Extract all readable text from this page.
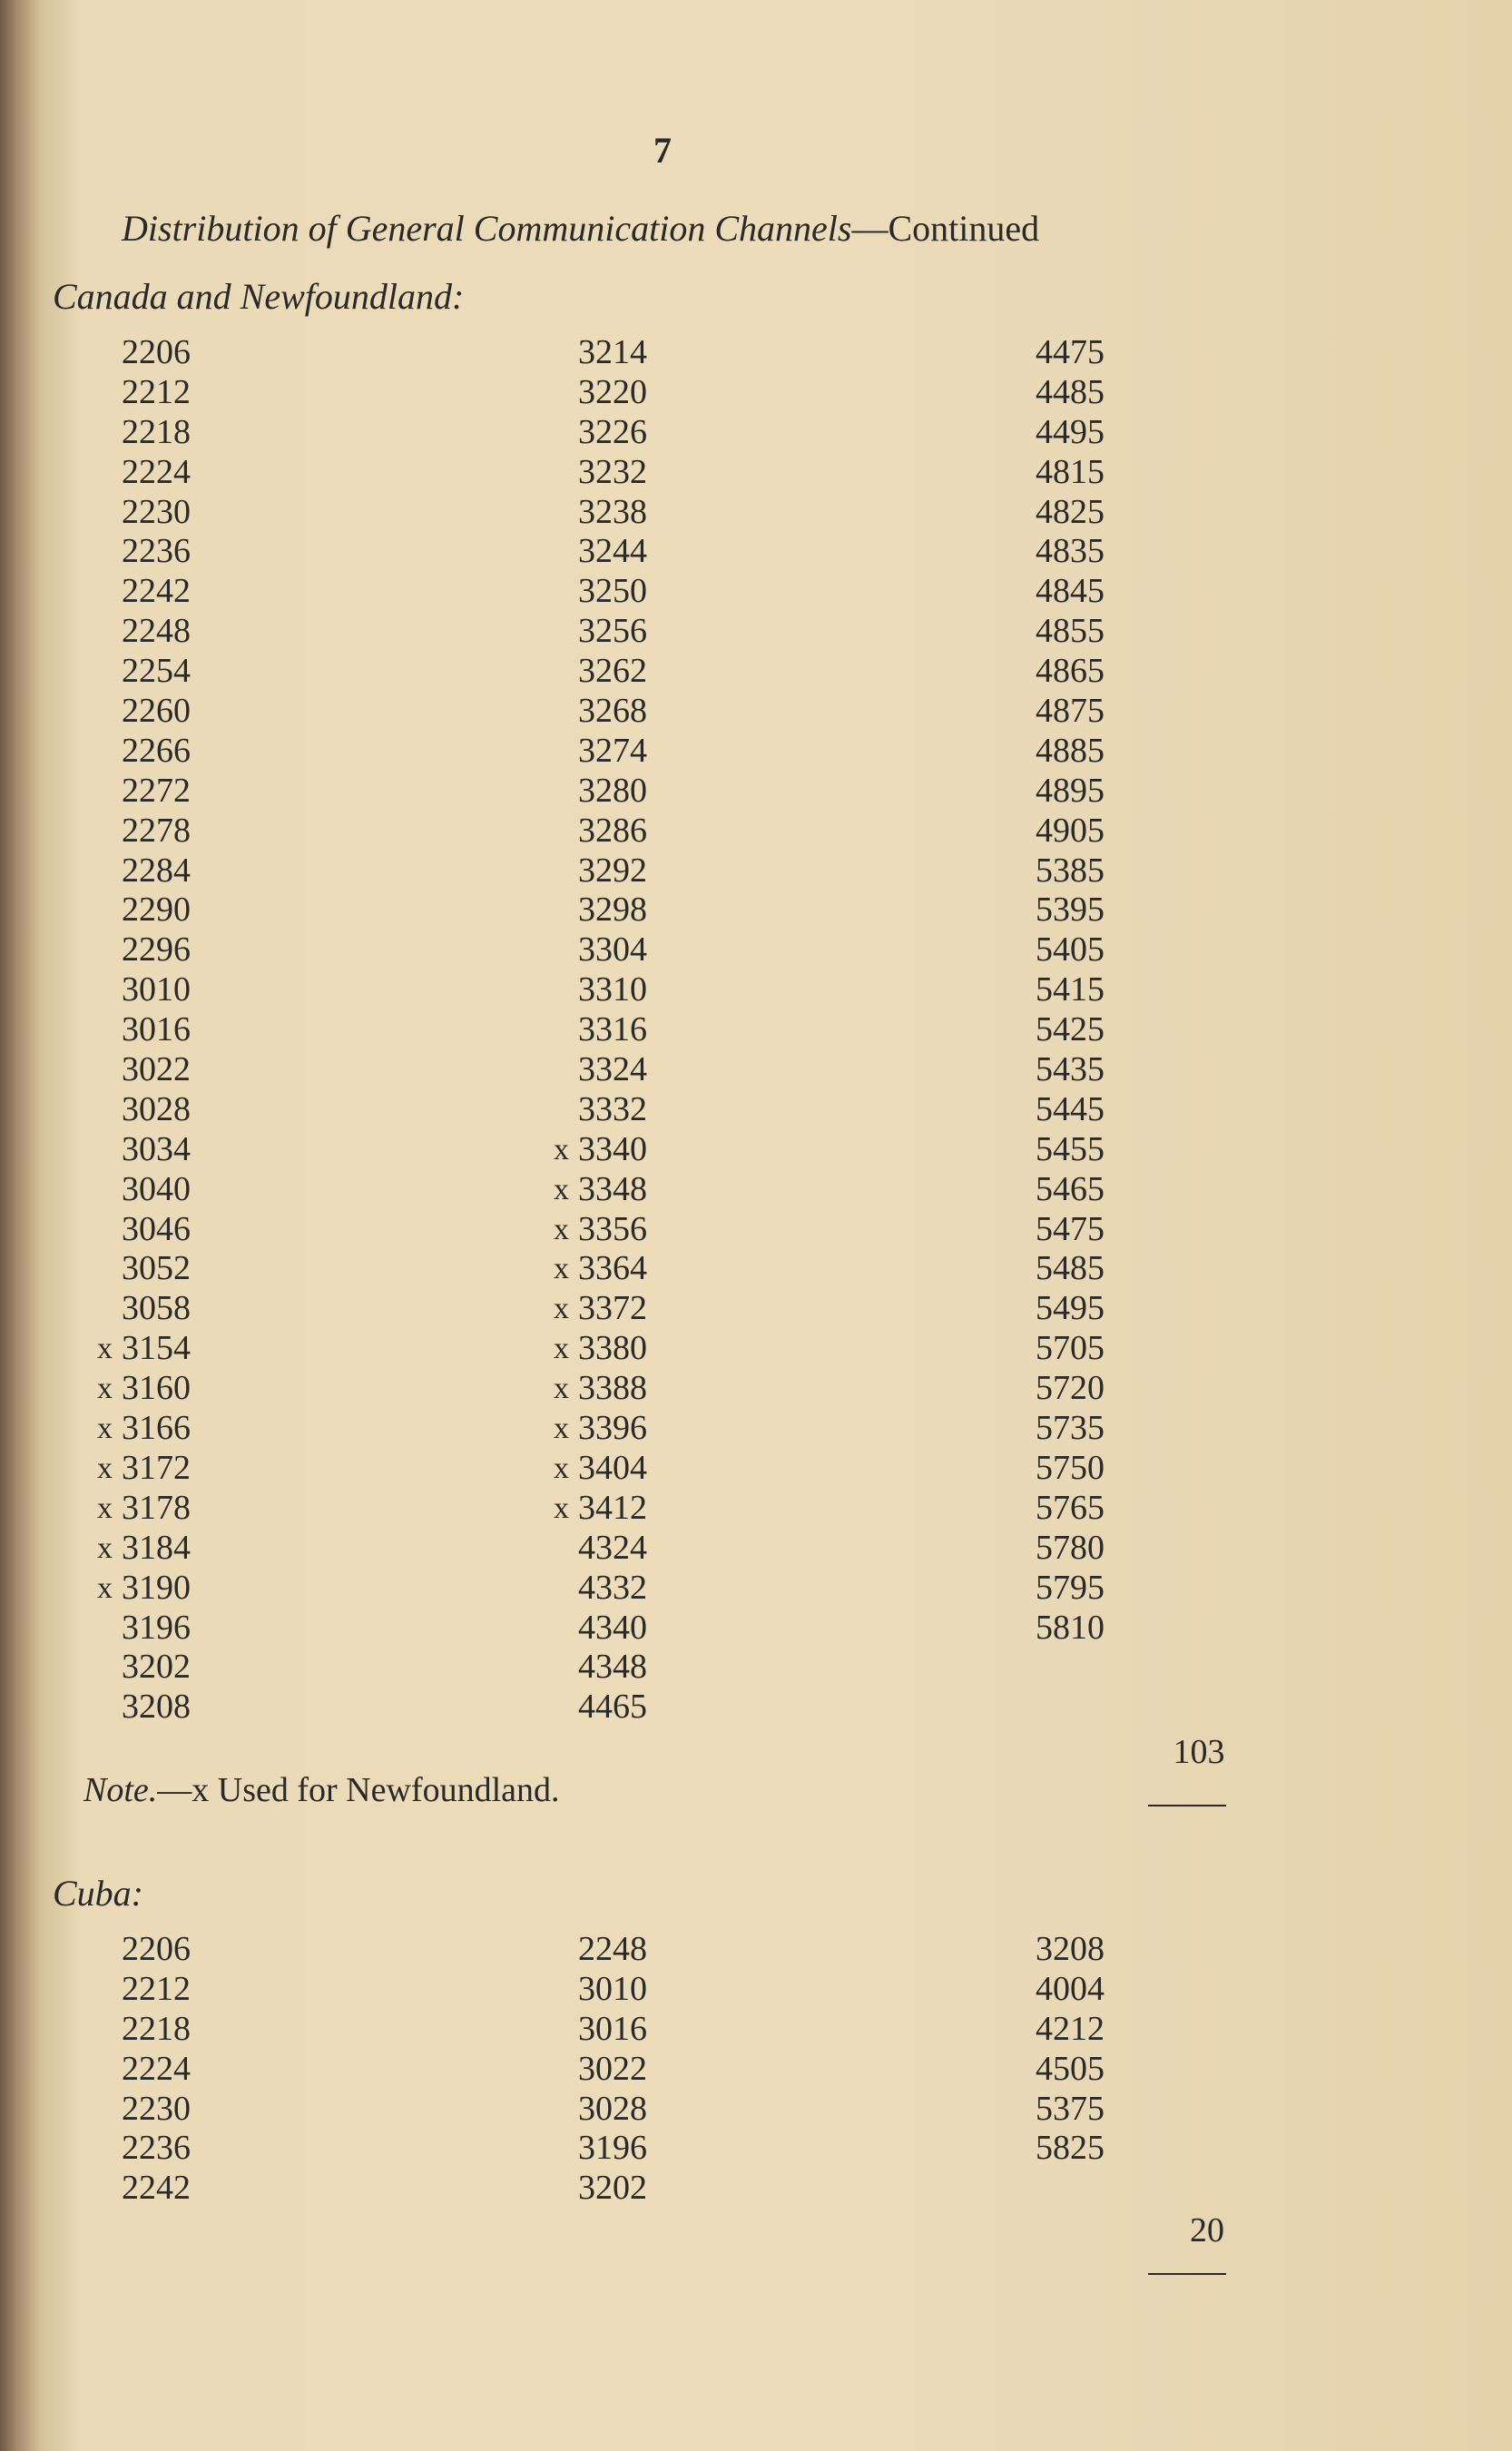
7
Distribution of General Communication Channels—Continued
Canada and Newfoundland:
2206
2212
2218
2224
2230
2236
2242
2248
2254
2260
2266
2272
2278
2284
2290
2296
3010
3016
3022
3028
3034
3040
3046
3052
3058
x 3154
x 3160
x 3166
x 3172
x 3178
x 3184
x 3190
3196
3202
3208
3214
3220
3226
3232
3238
3244
3250
3256
3262
3268
3274
3280
3286
3292
3298
3304
3310
3316
3324
3332
x 3340
x 3348
x 3356
x 3364
x 3372
x 3380
x 3388
x 3396
x 3404
x 3412
4324
4332
4340
4348
4465
4475
4485
4495
4815
4825
4835
4845
4855
4865
4875
4885
4895
4905
5385
5395
5405
5415
5425
5435
5445
5455
5465
5475
5485
5495
5705
5720
5735
5750
5765
5780
5795
5810
103
Note.—x Used for Newfoundland.
Cuba:
2206
2212
2218
2224
2230
2236
2242
2248
3010
3016
3022
3028
3196
3202
3208
4004
4212
4505
5375
5825
20
